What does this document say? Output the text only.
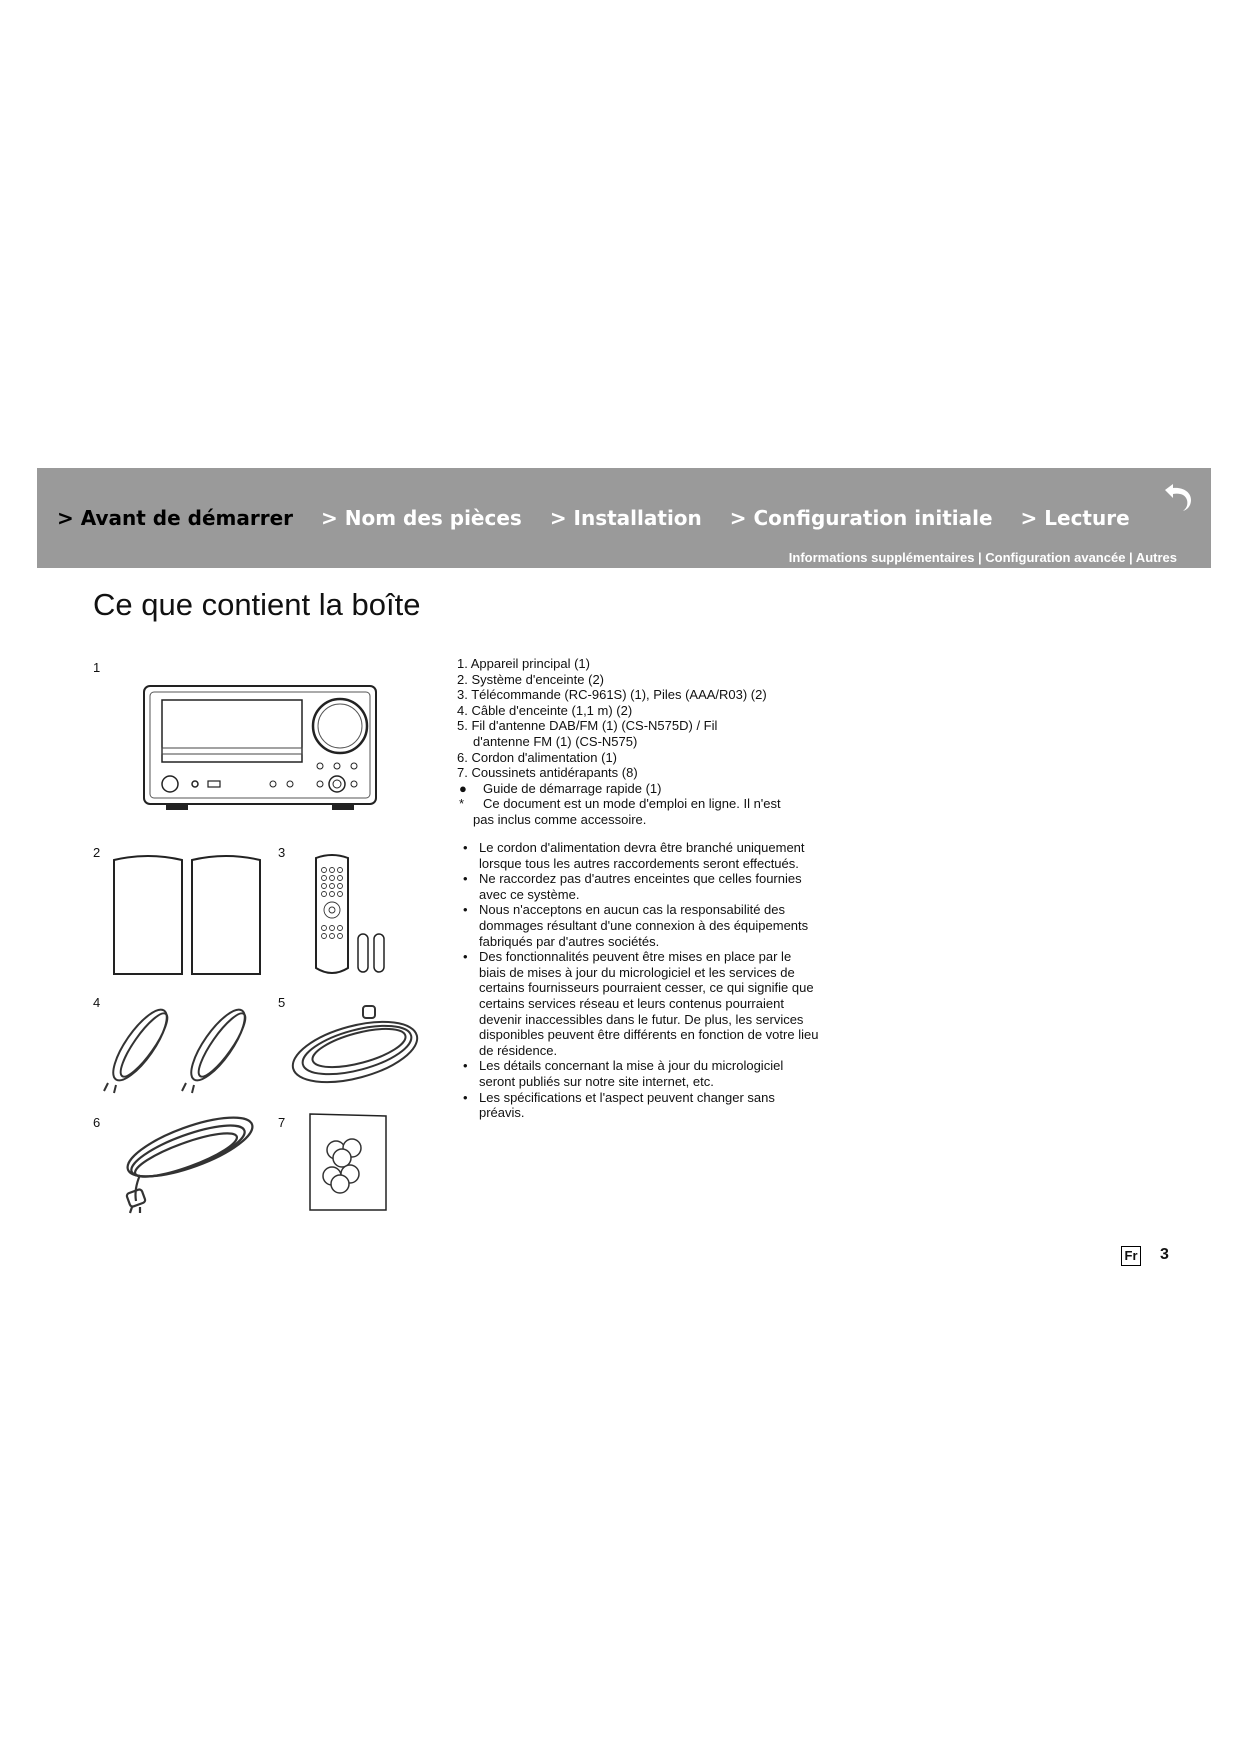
> Avant de démarrer > Nom des pièces > Installation > Configuration initiale > Lecture
Informations supplémentaires | Configuration avancée | Autres
Ce que contient la boîte
1
2	3
4	5
6	7
1. Appareil principal (1)
2. Système d'enceinte (2)
3. Télécommande (RC-961S) (1), Piles (AAA/R03) (2)
4. Câble d'enceinte (1,1 m) (2)
5. Fil d'antenne DAB/FM (1) (CS-N575D) / Fil
d'antenne FM (1) (CS-N575)
6. Cordon d'alimentation (1)
7. Coussinets antidérapants (8)
●	Guide de démarrage rapide (1)
*	Ce document est un mode d'emploi en ligne. Il n'est
pas inclus comme accessoire.
• Le cordon d'alimentation devra être branché uniquement lorsque tous les autres raccordements seront effectués.
• Ne raccordez pas d'autres enceintes que celles fournies avec ce système.
• Nous n'acceptons en aucun cas la responsabilité des dommages résultant d'une connexion à des équipements fabriqués par d'autres sociétés.
• Des fonctionnalités peuvent être mises en place par le biais de mises à jour du micrologiciel et les services de certains fournisseurs pourraient cesser, ce qui signifie que certains services réseau et leurs contenus pourraient devenir inaccessibles dans le futur. De plus, les services disponibles peuvent être différents en fonction de votre lieu de résidence.
• Les détails concernant la mise à jour du micrologiciel seront publiés sur notre site internet, etc.
• Les spécifications et l'aspect peuvent changer sans préavis.
Fr 3
